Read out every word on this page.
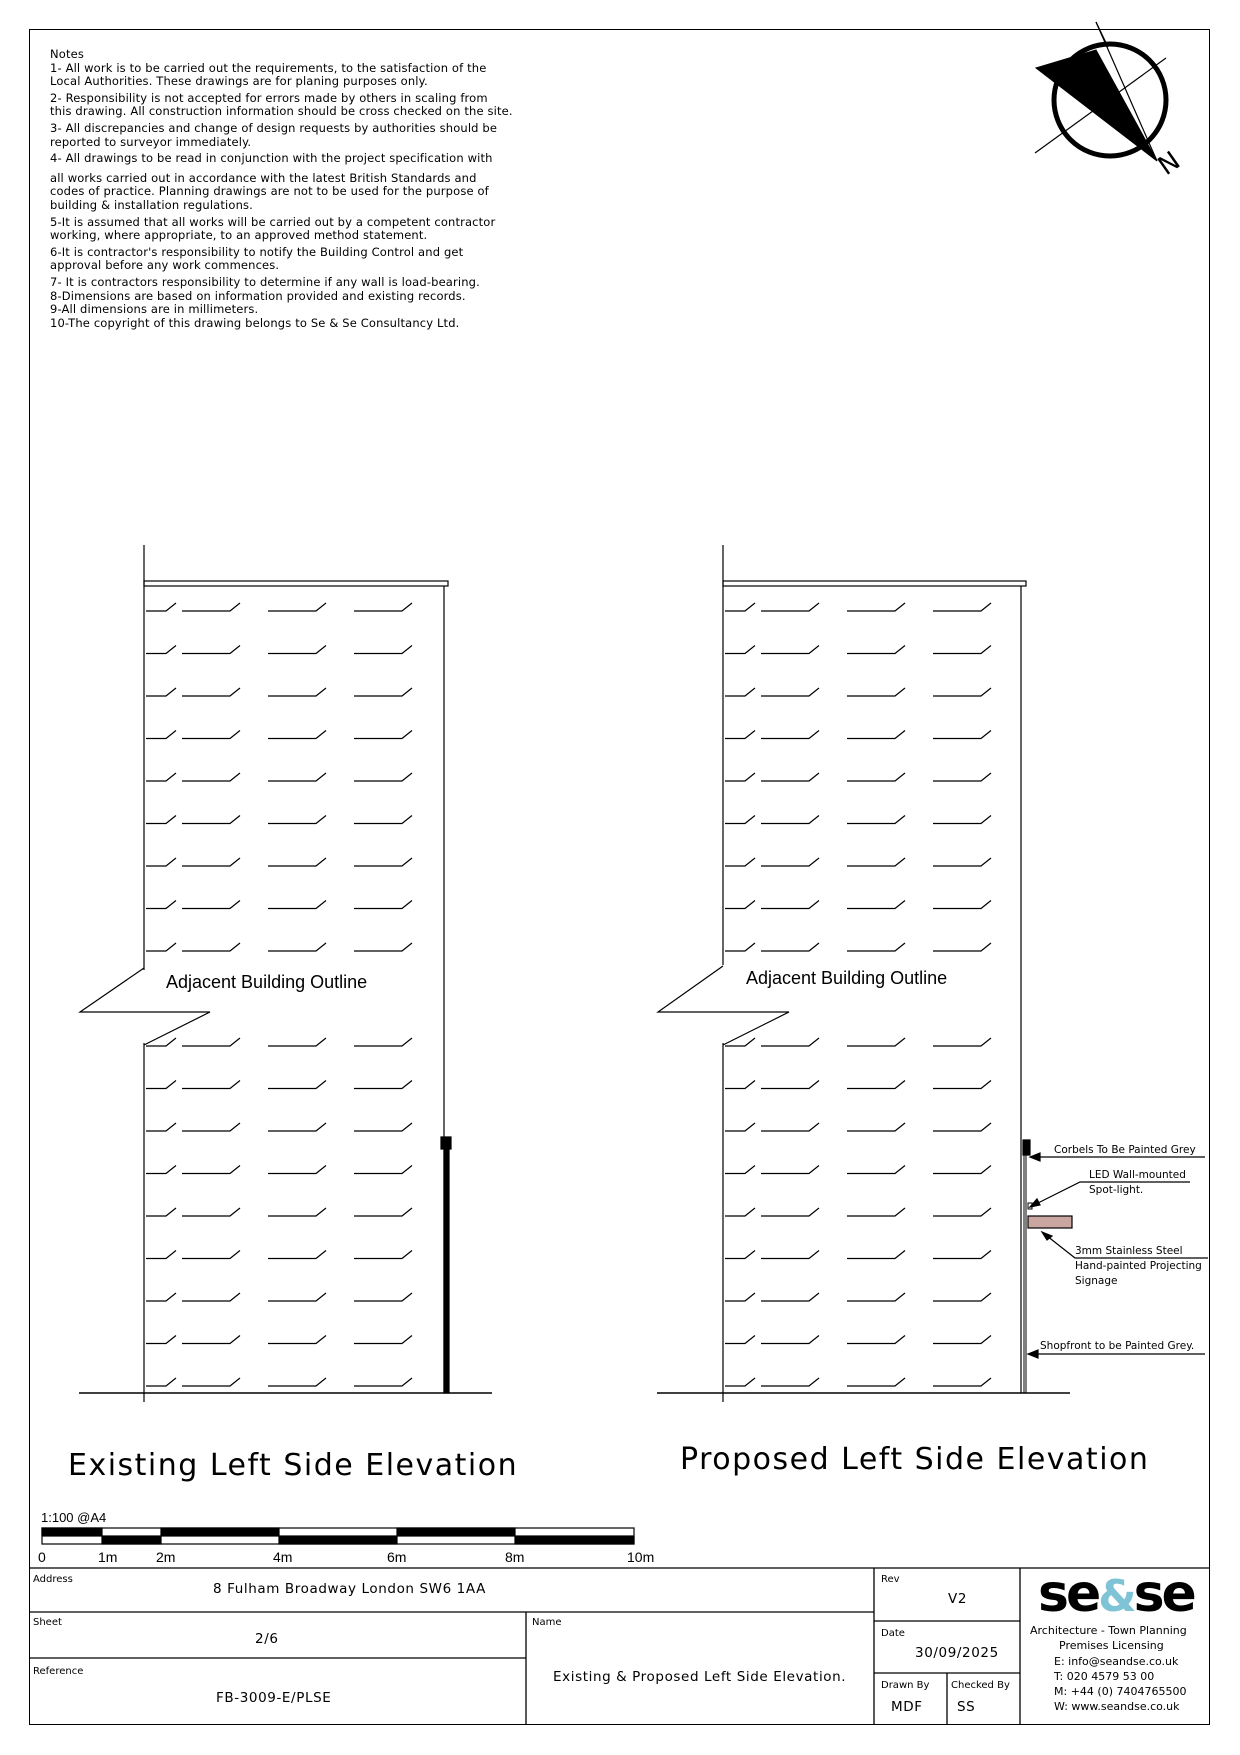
Notes
1- All work is to be carried out the requirements, to the satisfaction of the
Local Authorities. These drawings are for planing purposes only.
2- Responsibility is not accepted for errors made by others in scaling from
this drawing. All construction information should be cross checked on the site.
3- All discrepancies and change of design requests by authorities should be
reported to surveyor immediately.
4- All drawings to be read in conjunction with the project specification with
all works carried out in accordance with the latest British Standards and
codes of practice. Planning drawings are not to be used for the purpose of
building & installation regulations.
5-It is assumed that all works will be carried out by a competent contractor
working, where appropriate, to an approved method statement.
6-It is contractor's responsibility to notify the Building Control and get
approval before any work commences.
7- It is contractors responsibility to determine if any wall is load-bearing.
8-Dimensions are based on information provided and existing records.
9-All dimensions are in millimeters.
10-The copyright of this drawing belongs to Se & Se Consultancy Ltd.
N
Adjacent Building Outline	Adjacent Building Outline
Existing Left Side Elevation	Proposed Left Side Elevation
Corbels To Be Painted Grey
LED Wall-mounted
Spot-light.
3mm Stainless Steel
Hand-painted Projecting
Signage
Shopfront to be Painted Grey.
1:100 @A4
0	1m	2m	4m	6m	8m	10m
Address
8 Fulham Broadway London SW6 1AA
Rev
V2
Sheet
2/6
Name
Existing & Proposed Left Side Elevation.
Date
30/09/2025
Reference
FB-3009-E/PLSE
Drawn By
MDF
Checked By
SS
se&se
Architecture - Town Planning
Premises Licensing
E: info@seandse.co.uk
T: 020 4579 53 00
M: +44 (0) 7404765500
W: www.seandse.co.uk
